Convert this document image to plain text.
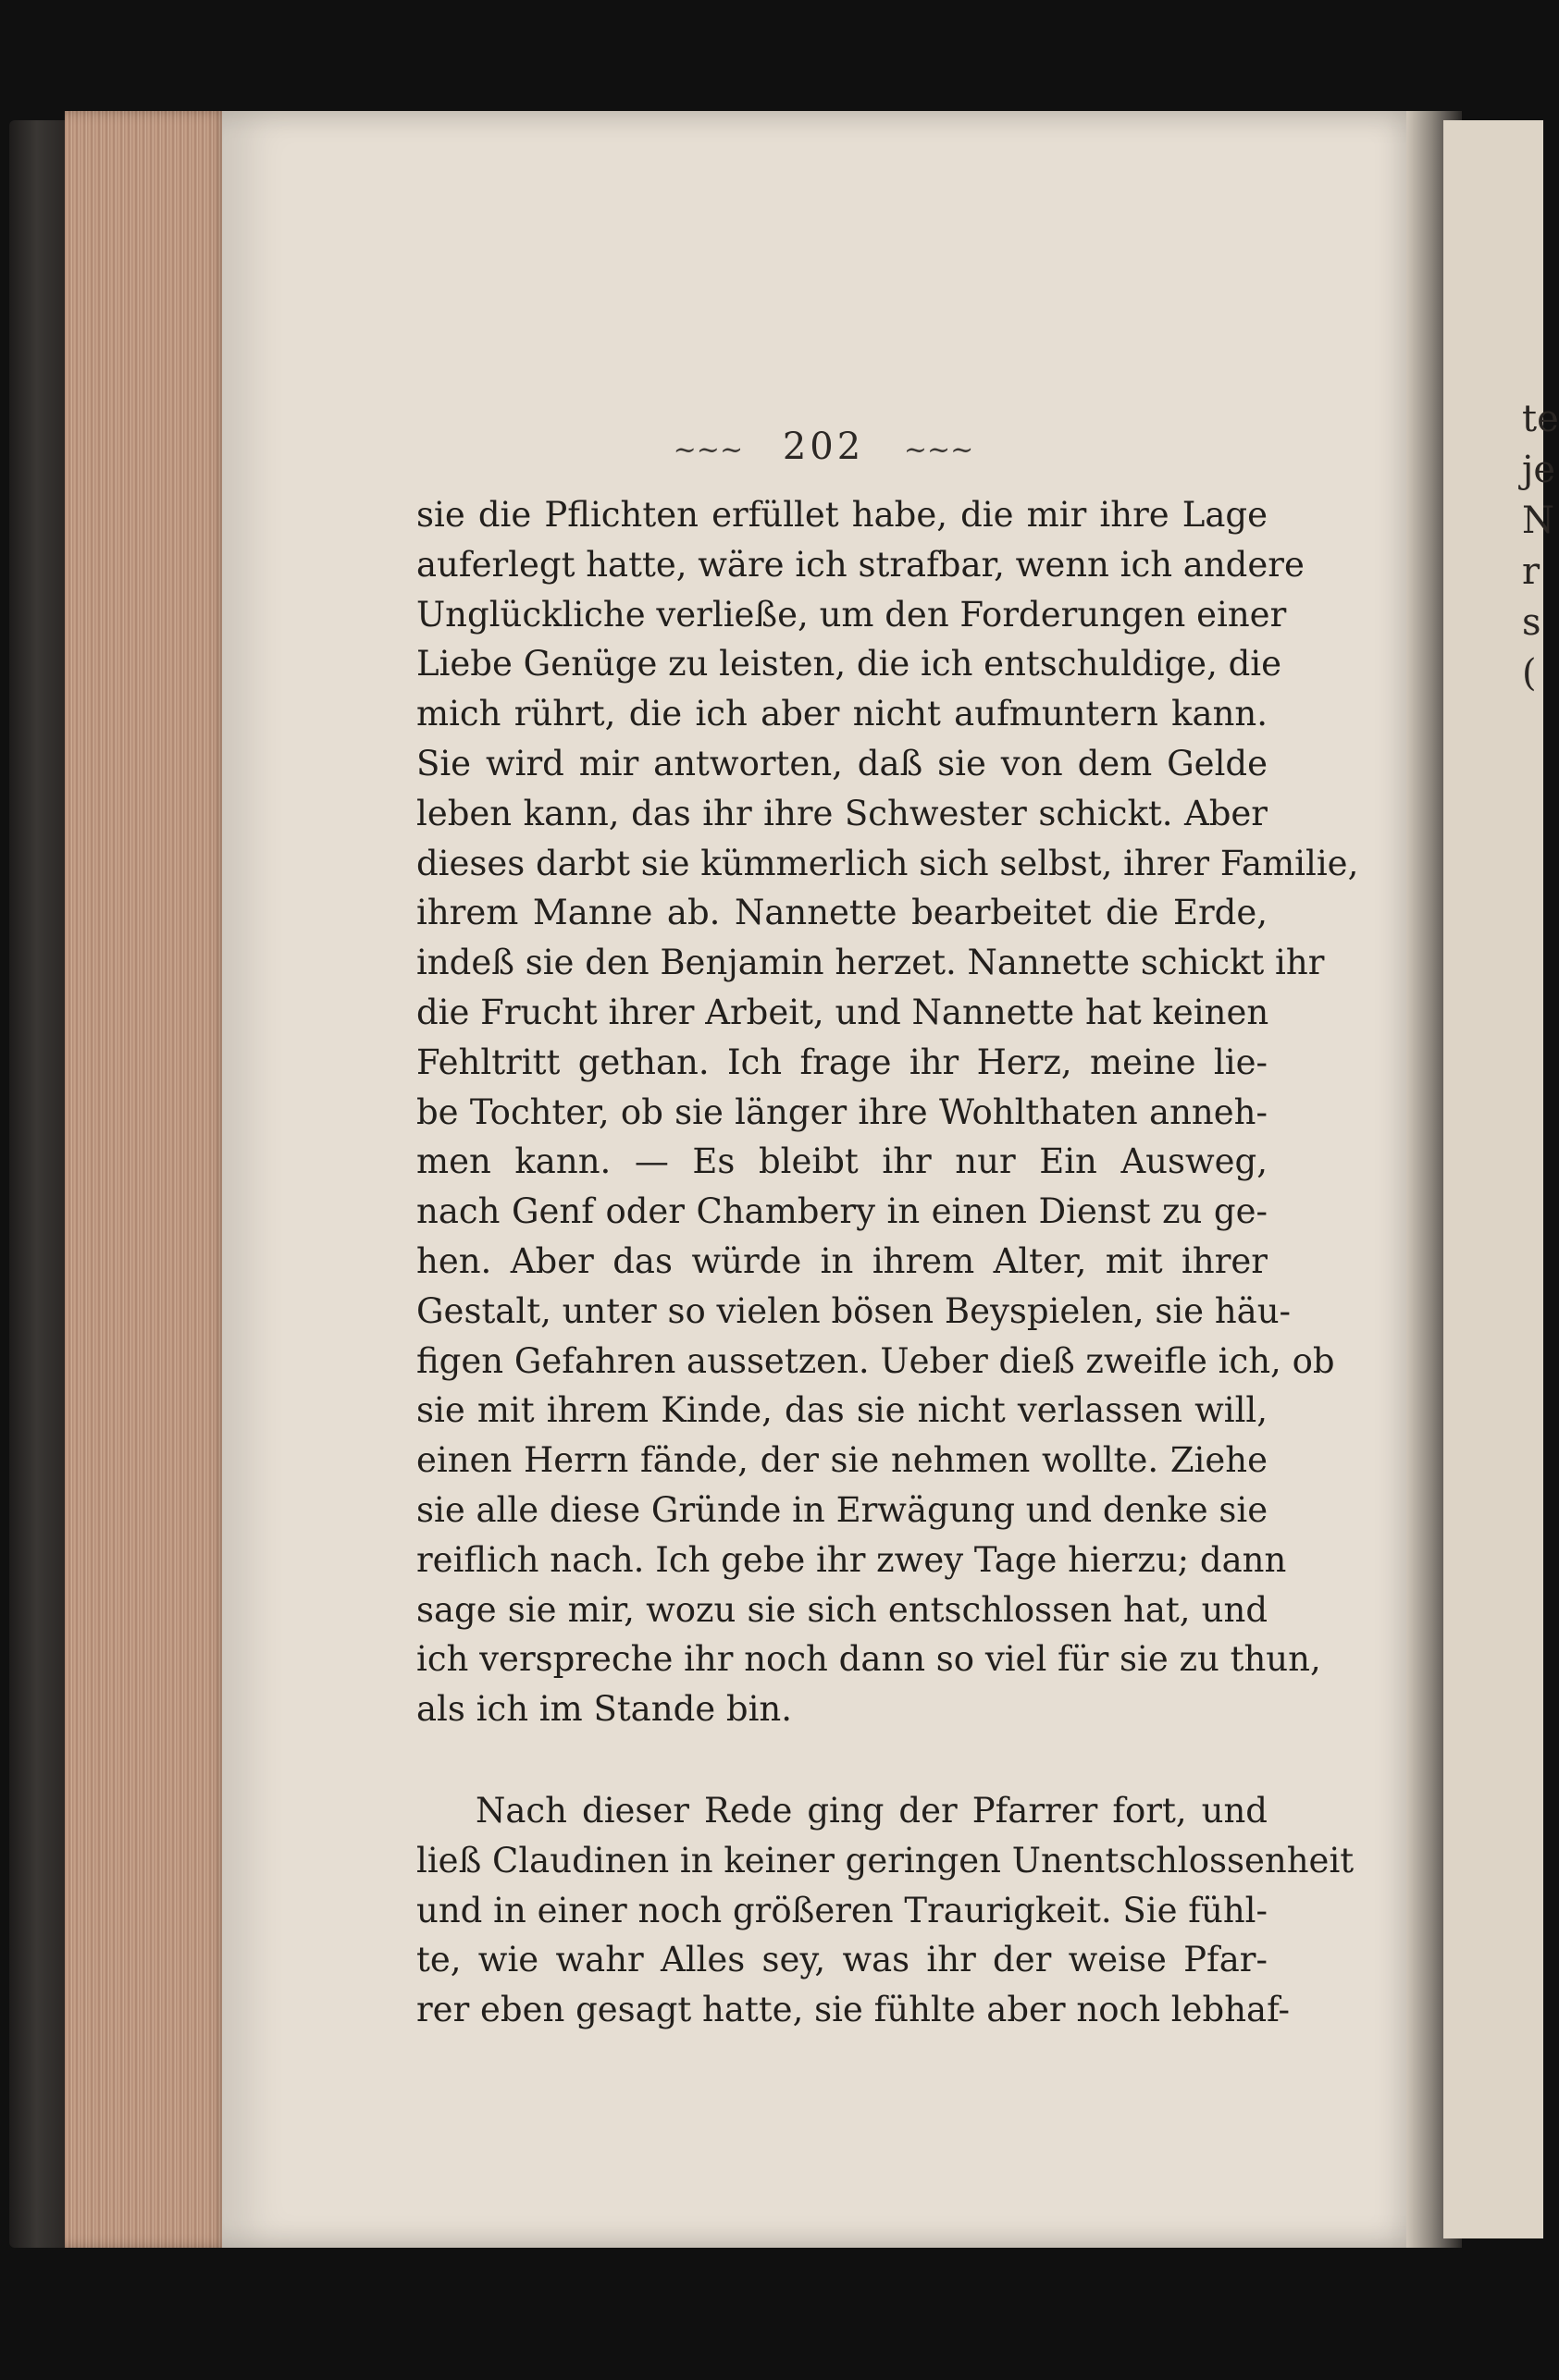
~~~ 202 ~~~
sie die Pflichten erfüllet habe, die mir ihre Lage
auferlegt hatte, wäre ich strafbar, wenn ich andere
Unglückliche verließe, um den Forderungen einer
Liebe Genüge zu leisten, die ich entschuldige, die
mich rührt, die ich aber nicht aufmuntern kann.
Sie wird mir antworten, daß sie von dem Gelde
leben kann, das ihr ihre Schwester schickt. Aber
dieses darbt sie kümmerlich sich selbst, ihrer Familie,
ihrem Manne ab. Nannette bearbeitet die Erde,
indeß sie den Benjamin herzet. Nannette schickt ihr
die Frucht ihrer Arbeit, und Nannette hat keinen
Fehltritt gethan. Ich frage ihr Herz, meine lie-
be Tochter, ob sie länger ihre Wohlthaten anneh-
men kann. — Es bleibt ihr nur Ein Ausweg,
nach Genf oder Chambery in einen Dienst zu ge-
hen. Aber das würde in ihrem Alter, mit ihrer
Gestalt, unter so vielen bösen Beyspielen, sie häu-
figen Gefahren aussetzen. Ueber dieß zweifle ich, ob
sie mit ihrem Kinde, das sie nicht verlassen will,
einen Herrn fände, der sie nehmen wollte. Ziehe
sie alle diese Gründe in Erwägung und denke sie
reiflich nach. Ich gebe ihr zwey Tage hierzu; dann
sage sie mir, wozu sie sich entschlossen hat, und
ich verspreche ihr noch dann so viel für sie zu thun,
als ich im Stande bin.
Nach dieser Rede ging der Pfarrer fort, und
ließ Claudinen in keiner geringen Unentschlossenheit
und in einer noch größeren Traurigkeit. Sie fühl-
te, wie wahr Alles sey, was ihr der weise Pfar-
rer eben gesagt hatte, sie fühlte aber noch lebhaf-
te
je
N
r
s
(
